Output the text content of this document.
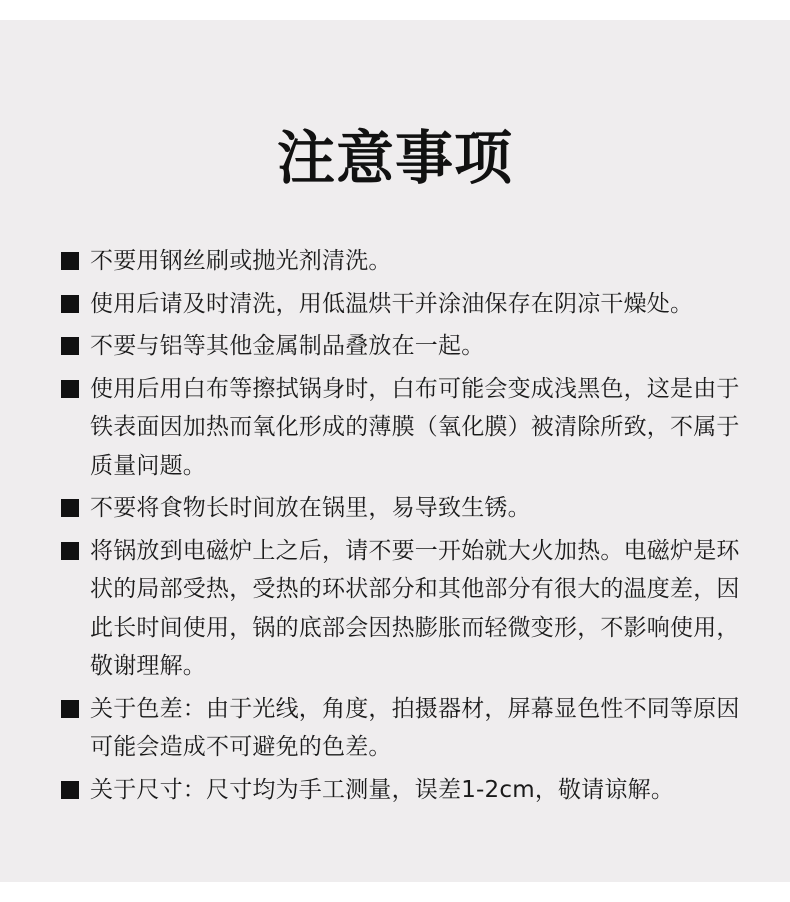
注意事项
不要用钢丝刷或抛光剂清洗。
使用后请及时清洗，用低温烘干并涂油保存在阴凉干燥处。
不要与铝等其他金属制品叠放在一起。
使用后用白布等擦拭锅身时，白布可能会变成浅黑色，这是由于铁表面因加热而氧化形成的薄膜（氧化膜）被清除所致，不属于质量问题。
不要将食物长时间放在锅里，易导致生锈。
将锅放到电磁炉上之后，请不要一开始就大火加热。电磁炉是环状的局部受热，受热的环状部分和其他部分有很大的温度差，因此长时间使用，锅的底部会因热膨胀而轻微变形，不影响使用，敬谢理解。
关于色差：由于光线，角度，拍摄器材，屏幕显色性不同等原因可能会造成不可避免的色差。
关于尺寸：尺寸均为手工测量，误差1-2cm，敬请谅解。
